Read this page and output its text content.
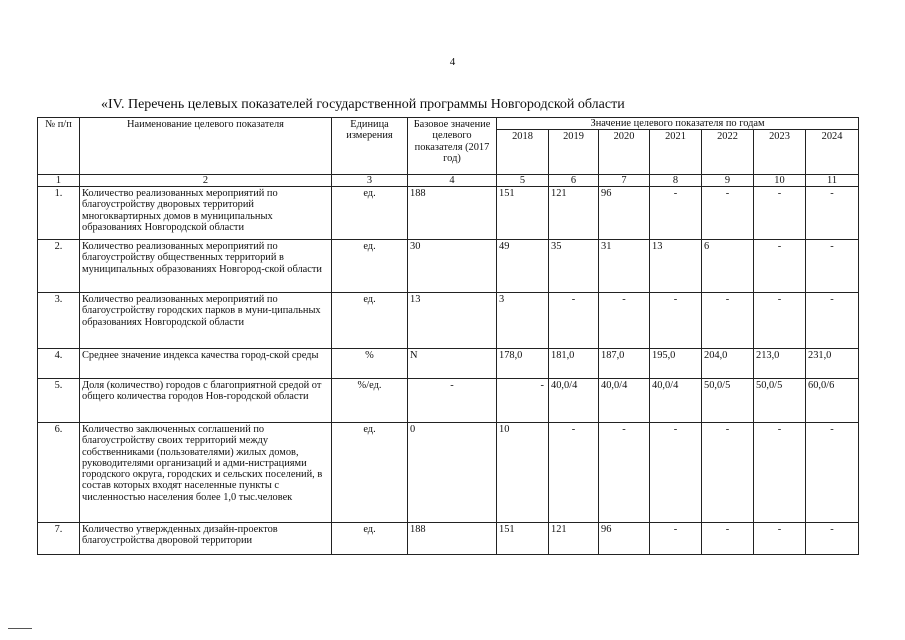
4
«IV. Перечень целевых показателей государственной программы Новгородской области
№ п/п	Наименование целевого показателя	Единица измерения	Базовое значение целевого показателя (2017 год)	Значение целевого показателя по годам						
				2018	2019	2020	2021	2022	2023	2024
1	2	3	4	5	6	7	8	9	10	11
1.	Количество реализованных мероприятий по благоустройству дворовых территорий многоквартирных домов в муниципальных образованиях Новгородской области	ед.	188	151	121	96	-	-	-	-
2.	Количество реализованных мероприятий по благоустройству общественных территорий в муниципальных образованиях Новгород-ской области	ед.	30	49	35	31	13	6	-	-
3.	Количество реализованных мероприятий по благоустройству городских парков в муни-ципальных образованиях Новгородской области	ед.	13	3	-	-	-	-	-	-
4.	Среднее значение индекса качества город-ской среды	%	N	178,0	181,0	187,0	195,0	204,0	213,0	231,0
5.	Доля (количество) городов с благоприятной средой от общего количества городов Нов-городской области	%/ед.	-	-	40,0/4	40,0/4	40,0/4	50,0/5	50,0/5	60,0/6
6.	Количество заключенных соглашений по благоустройству своих территорий между собственниками (пользователями) жилых домов, руководителями организаций и адми-нистрациями городского округа, городских и сельских поселений, в состав которых входят населенные пункты с численностью населения более 1,0 тыс.человек	ед.	0	10	-	-	-	-	-	-
7.	Количество утвержденных дизайн-проектов благоустройства дворовой территории	ед.	188	151	121	96	-	-	-	-
